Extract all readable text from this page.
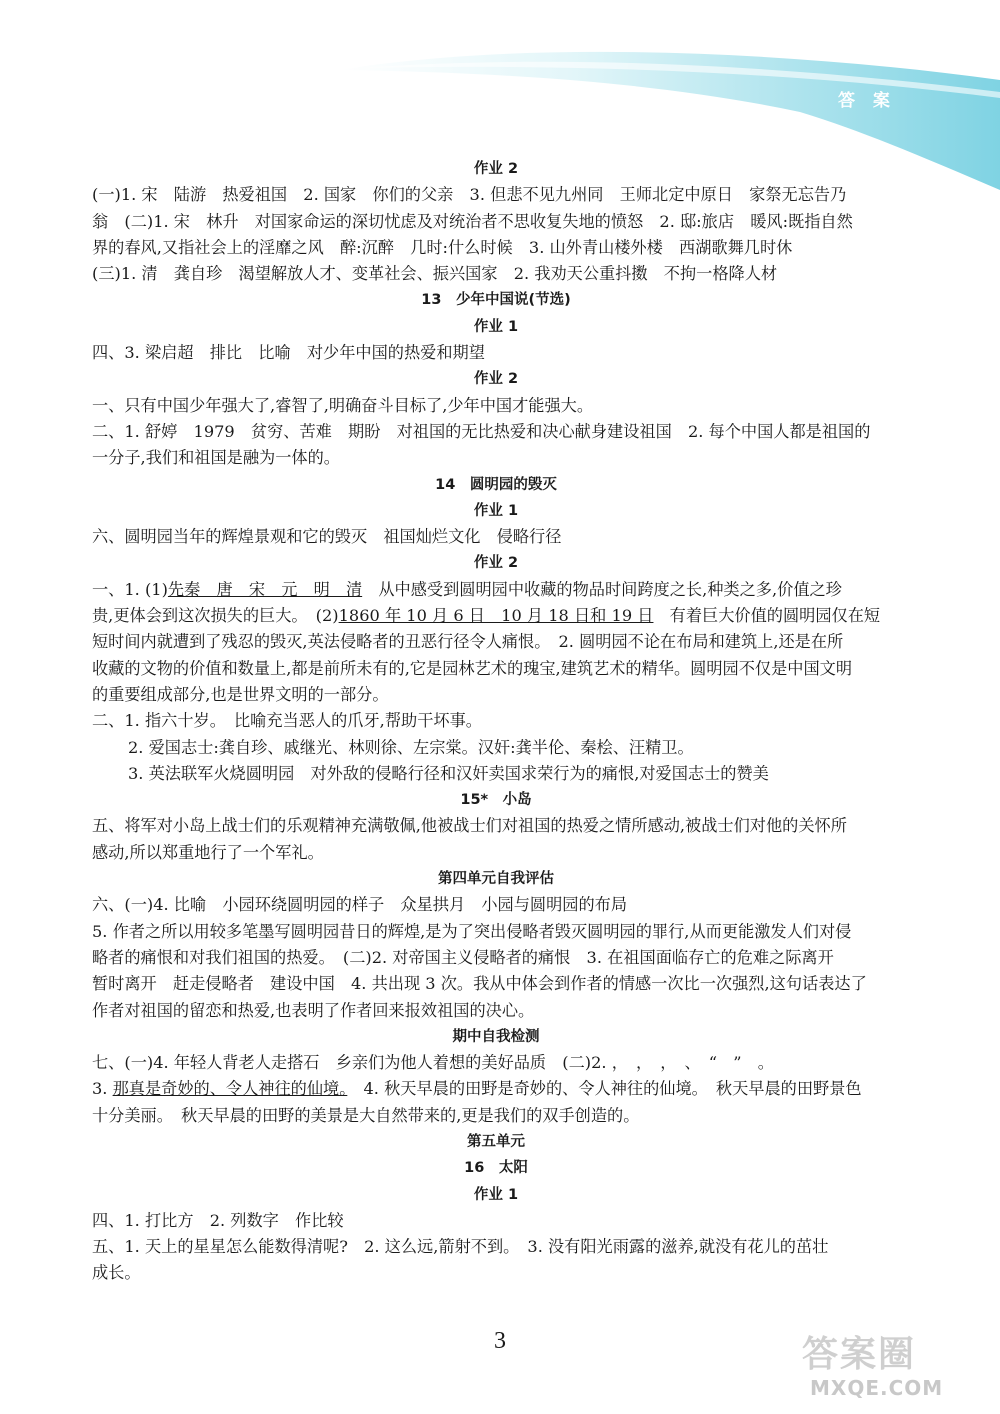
答 案
作业 2
(一)1. 宋　陆游　热爱祖国　2. 国家　你们的父亲　3. 但悲不见九州同　王师北定中原日　家祭无忘告乃
翁　(二)1. 宋　林升　对国家命运的深切忧虑及对统治者不思收复失地的愤怒　2. 邸:旅店　暖风:既指自然
界的春风,又指社会上的淫靡之风　醉:沉醉　几时:什么时候　3. 山外青山楼外楼　西湖歌舞几时休
(三)1. 清　龚自珍　渴望解放人才、变革社会、振兴国家　2. 我劝天公重抖擞　不拘一格降人材
13　少年中国说(节选)
作业 1
四、3. 梁启超　排比　比喻　对少年中国的热爱和期望
作业 2
一、只有中国少年强大了,睿智了,明确奋斗目标了,少年中国才能强大。
二、1. 舒婷　1979　贫穷、苦难　期盼　对祖国的无比热爱和决心献身建设祖国　2. 每个中国人都是祖国的
一分子,我们和祖国是融为一体的。
14　圆明园的毁灭
作业 1
六、圆明园当年的辉煌景观和它的毁灭　祖国灿烂文化　侵略行径
作业 2
一、1. (1)先秦　唐　宋　元　明　清　从中感受到圆明园中收藏的物品时间跨度之长,种类之多,价值之珍
贵,更体会到这次损失的巨大。　(2)1860 年 10 月 6 日　10 月 18 日和 19 日　有着巨大价值的圆明园仅在短
短时间内就遭到了残忍的毁灭,英法侵略者的丑恶行径令人痛恨。　2. 圆明园不论在布局和建筑上,还是在所
收藏的文物的价值和数量上,都是前所未有的,它是园林艺术的瑰宝,建筑艺术的精华。圆明园不仅是中国文明
的重要组成部分,也是世界文明的一部分。
二、1. 指六十岁。　比喻充当恶人的爪牙,帮助干坏事。
2. 爱国志士:龚自珍、戚继光、林则徐、左宗棠。汉奸:龚半伦、秦桧、汪精卫。
3. 英法联军火烧圆明园　对外敌的侵略行径和汉奸卖国求荣行为的痛恨,对爱国志士的赞美
15*　小岛
五、将军对小岛上战士们的乐观精神充满敬佩,他被战士们对祖国的热爱之情所感动,被战士们对他的关怀所
感动,所以郑重地行了一个军礼。
第四单元自我评估
六、(一)4. 比喻　小园环绕圆明园的样子　众星拱月　小园与圆明园的布局
5. 作者之所以用较多笔墨写圆明园昔日的辉煌,是为了突出侵略者毁灭圆明园的罪行,从而更能激发人们对侵
略者的痛恨和对我们祖国的热爱。　(二)2. 对帝国主义侵略者的痛恨　3. 在祖国面临存亡的危难之际离开
暂时离开　赶走侵略者　建设中国　4. 共出现 3 次。我从中体会到作者的情感一次比一次强烈,这句话表达了
作者对祖国的留恋和热爱,也表明了作者回来报效祖国的决心。
期中自我检测
七、(一)4. 年轻人背老人走搭石　乡亲们为他人着想的美好品质　(二)2. ，　，　，　、　“　”　。
3. 那真是奇妙的、令人神往的仙境。　4. 秋天早晨的田野是奇妙的、令人神往的仙境。　秋天早晨的田野景色
十分美丽。　秋天早晨的田野的美景是大自然带来的,更是我们的双手创造的。
第五单元
16　太阳
作业 1
四、1. 打比方　2. 列数字　作比较
五、1. 天上的星星怎么能数得清呢?　2. 这么远,箭射不到。　3. 没有阳光雨露的滋养,就没有花儿的茁壮
成长。
3	答案圈
MXQE.COM
